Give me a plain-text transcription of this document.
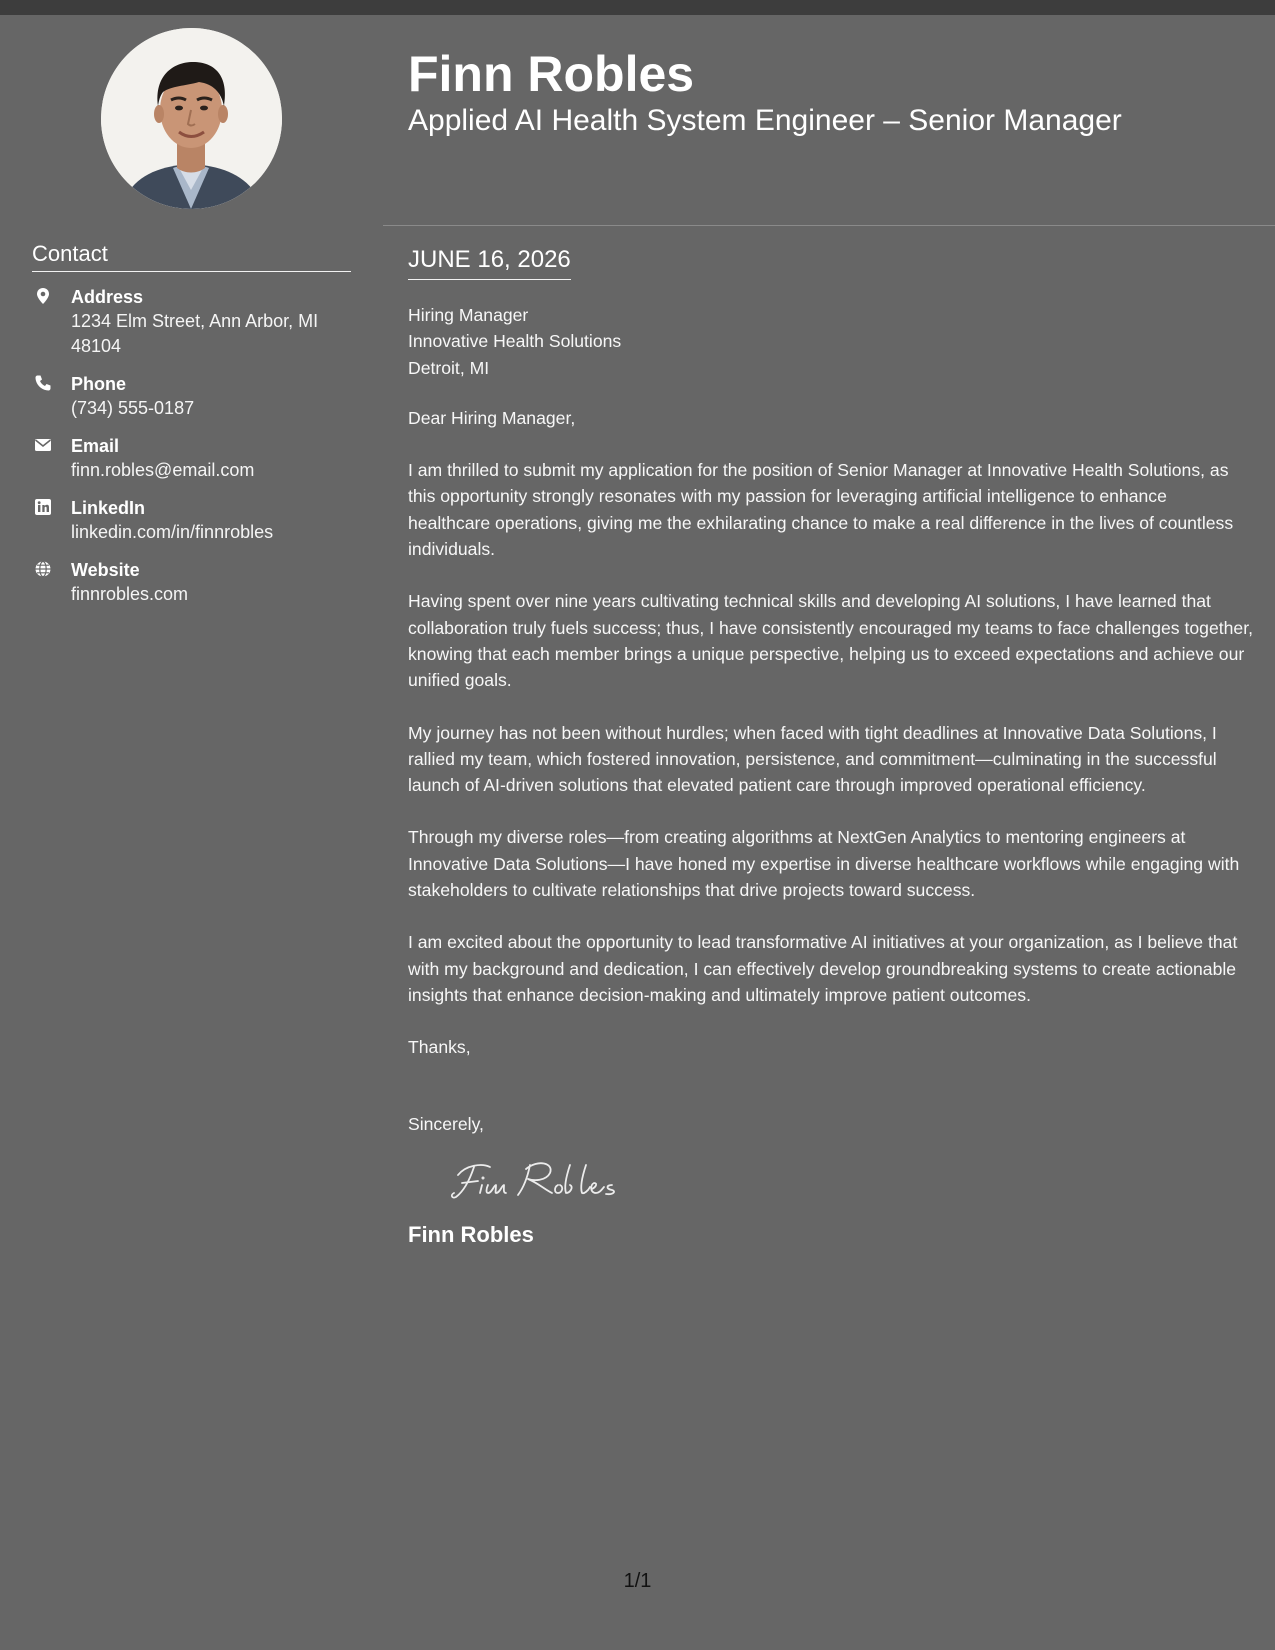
Contact
Address
1234 Elm Street, Ann Arbor, MI 48104
Phone
(734) 555-0187
Email
finn.robles@email.com
LinkedIn
linkedin.com/in/finnrobles
Website
finnrobles.com
Finn Robles
Applied AI Health System Engineer – Senior Manager
JUNE 16, 2026
Hiring Manager
Innovative Health Solutions
Detroit, MI

Dear Hiring Manager,

I am thrilled to submit my application for the position of Senior Manager at Innovative Health Solutions, as this opportunity strongly resonates with my passion for leveraging artificial intelligence to enhance healthcare operations, giving me the exhilarating chance to make a real difference in the lives of countless individuals.

Having spent over nine years cultivating technical skills and developing AI solutions, I have learned that collaboration truly fuels success; thus, I have consistently encouraged my teams to face challenges together, knowing that each member brings a unique perspective, helping us to exceed expectations and achieve our unified goals.

My journey has not been without hurdles; when faced with tight deadlines at Innovative Data Solutions, I rallied my team, which fostered innovation, persistence, and commitment—culminating in the successful launch of AI-driven solutions that elevated patient care through improved operational efficiency.

Through my diverse roles—from creating algorithms at NextGen Analytics to mentoring engineers at Innovative Data Solutions—I have honed my expertise in diverse healthcare workflows while engaging with stakeholders to cultivate relationships that drive projects toward success.

I am excited about the opportunity to lead transformative AI initiatives at your organization, as I believe that with my background and dedication, I can effectively develop groundbreaking systems to create actionable insights that enhance decision-making and ultimately improve patient outcomes.

Thanks,

Sincerely,

Finn Robles
1/1
